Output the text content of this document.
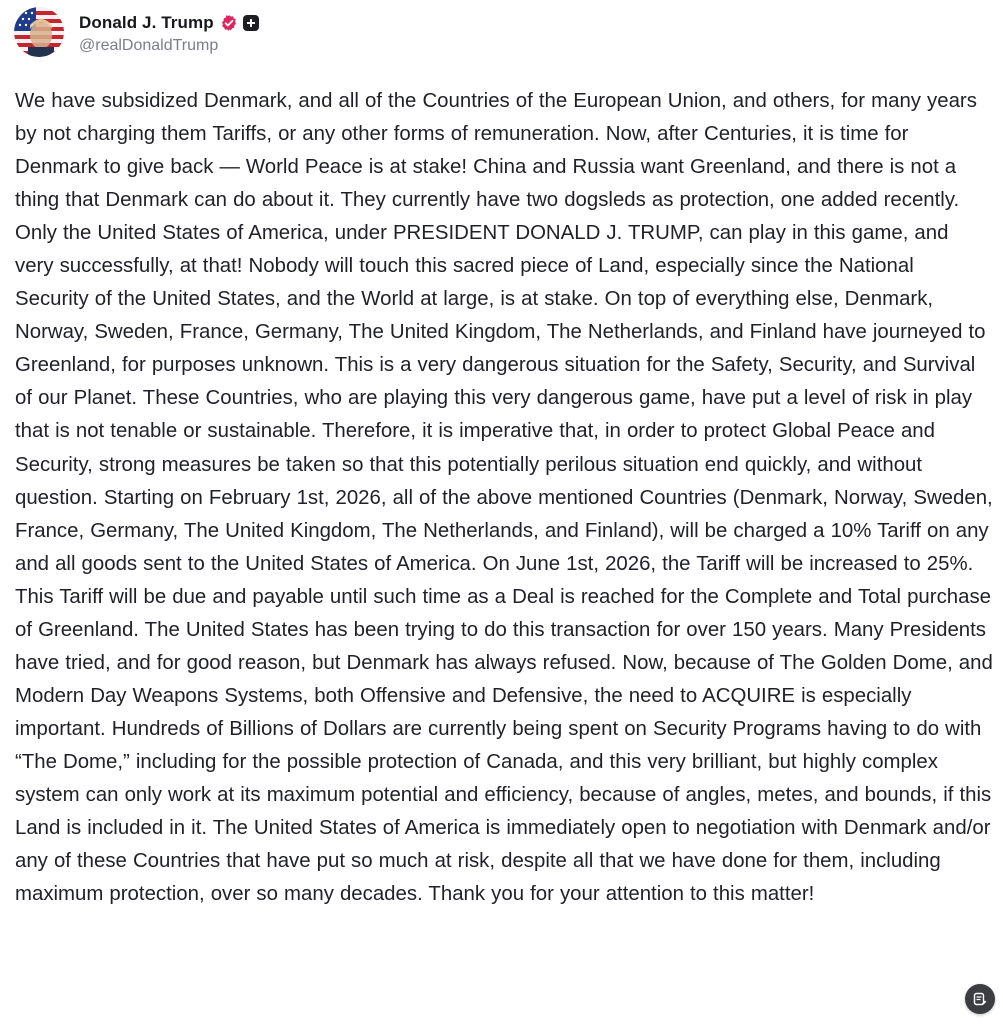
Donald J. Trump
@realDonaldTrump

We have subsidized Denmark, and all of the Countries of the European Union, and others, for many years by not charging them Tariffs, or any other forms of remuneration. Now, after Centuries, it is time for Denmark to give back — World Peace is at stake! China and Russia want Greenland, and there is not a thing that Denmark can do about it. They currently have two dogsleds as protection, one added recently. Only the United States of America, under PRESIDENT DONALD J. TRUMP, can play in this game, and very successfully, at that! Nobody will touch this sacred piece of Land, especially since the National Security of the United States, and the World at large, is at stake. On top of everything else, Denmark, Norway, Sweden, France, Germany, The United Kingdom, The Netherlands, and Finland have journeyed to Greenland, for purposes unknown. This is a very dangerous situation for the Safety, Security, and Survival of our Planet. These Countries, who are playing this very dangerous game, have put a level of risk in play that is not tenable or sustainable. Therefore, it is imperative that, in order to protect Global Peace and Security, strong measures be taken so that this potentially perilous situation end quickly, and without question. Starting on February 1st, 2026, all of the above mentioned Countries (Denmark, Norway, Sweden, France, Germany, The United Kingdom, The Netherlands, and Finland), will be charged a 10% Tariff on any and all goods sent to the United States of America. On June 1st, 2026, the Tariff will be increased to 25%. This Tariff will be due and payable until such time as a Deal is reached for the Complete and Total purchase of Greenland. The United States has been trying to do this transaction for over 150 years. Many Presidents have tried, and for good reason, but Denmark has always refused. Now, because of The Golden Dome, and Modern Day Weapons Systems, both Offensive and Defensive, the need to ACQUIRE is especially important. Hundreds of Billions of Dollars are currently being spent on Security Programs having to do with “The Dome,” including for the possible protection of Canada, and this very brilliant, but highly complex system can only work at its maximum potential and efficiency, because of angles, metes, and bounds, if this Land is included in it. The United States of America is immediately open to negotiation with Denmark and/or any of these Countries that have put so much at risk, despite all that we have done for them, including maximum protection, over so many decades. Thank you for your attention to this matter!
